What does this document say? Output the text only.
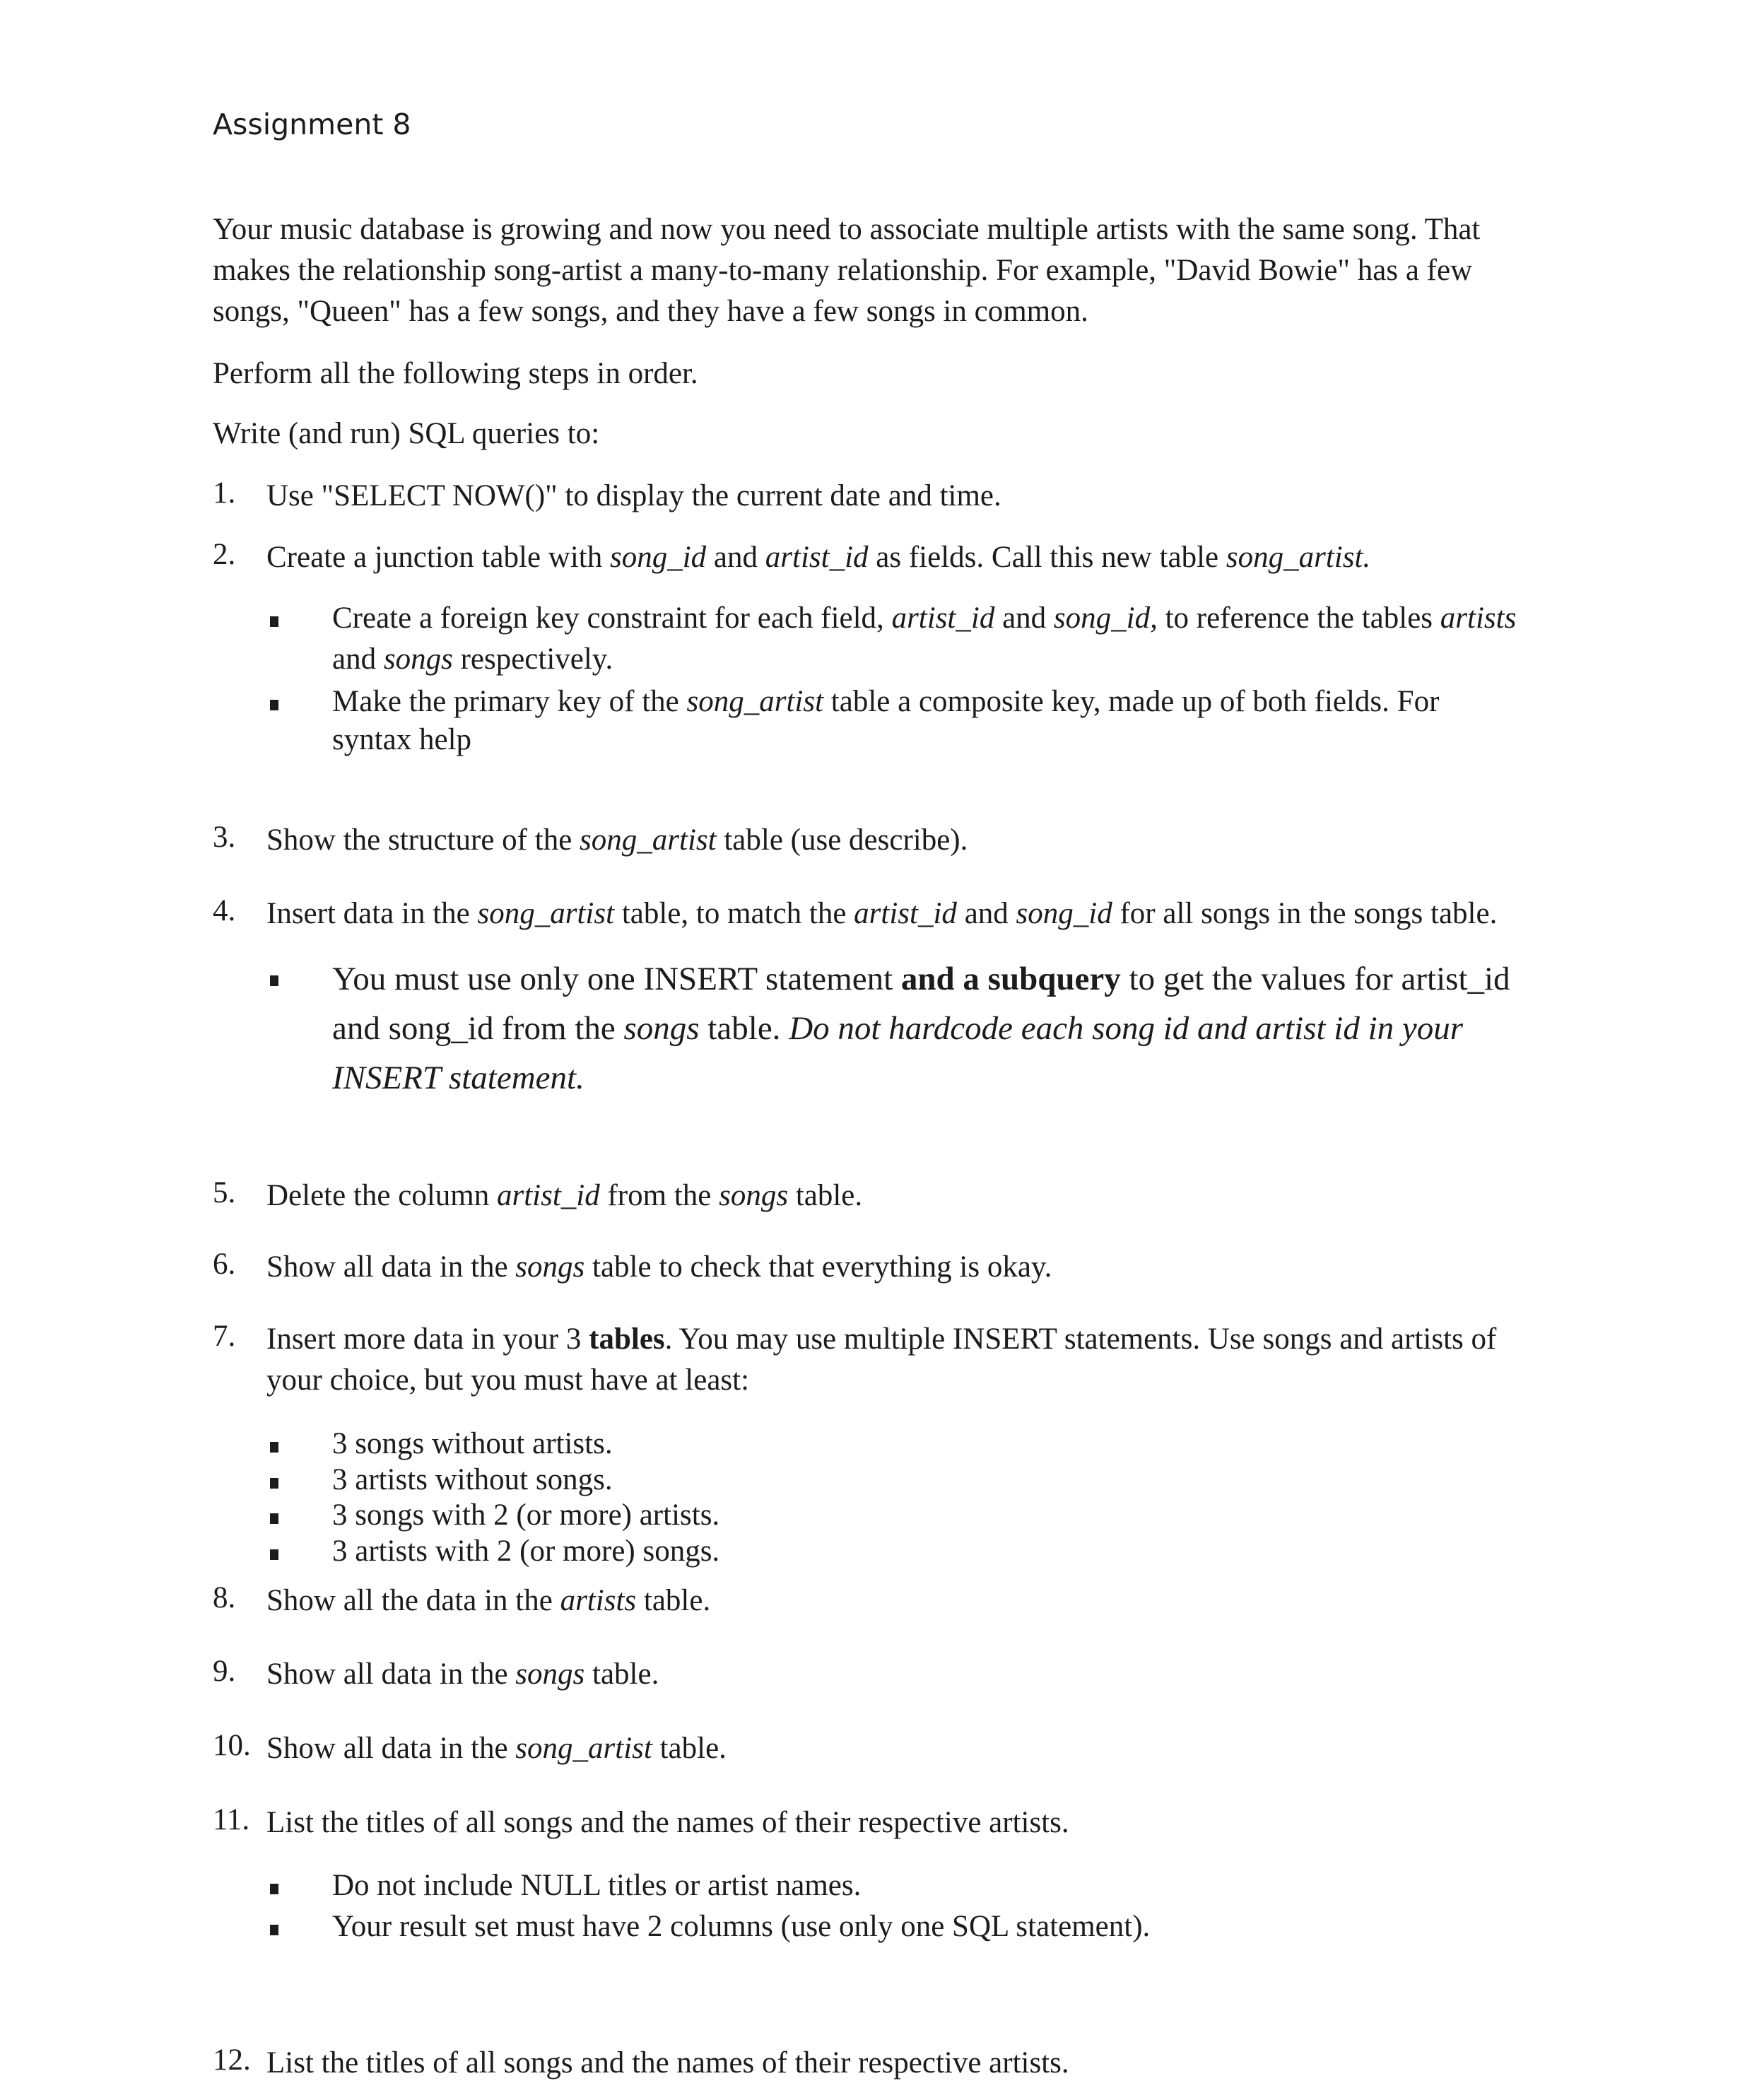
Assignment 8
Your music database is growing and now you need to associate multiple artists with the same song. That
makes the relationship song-artist a many-to-many relationship. For example, "David Bowie" has a few
songs, "Queen" has a few songs, and they have a few songs in common.
Perform all the following steps in order.
Write (and run) SQL queries to:
1. Use "SELECT NOW()" to display the current date and time.
2. Create a junction table with song_id and artist_id as fields. Call this new table song_artist.
Create a foreign key constraint for each field, artist_id and song_id, to reference the tables artists
and songs respectively.
Make the primary key of the song_artist table a composite key, made up of both fields. For
syntax help
3. Show the structure of the song_artist table (use describe).
4. Insert data in the song_artist table, to match the artist_id and song_id for all songs in the songs table.
You must use only one INSERT statement and a subquery to get the values for artist_id
and song_id from the songs table. Do not hardcode each song id and artist id in your
INSERT statement.
5. Delete the column artist_id from the songs table.
6. Show all data in the songs table to check that everything is okay.
7. Insert more data in your 3 tables. You may use multiple INSERT statements. Use songs and artists of
your choice, but you must have at least:
3 songs without artists.
3 artists without songs.
3 songs with 2 (or more) artists.
3 artists with 2 (or more) songs.
8. Show all the data in the artists table.
9. Show all data in the songs table.
10. Show all data in the song_artist table.
11. List the titles of all songs and the names of their respective artists.
Do not include NULL titles or artist names.
Your result set must have 2 columns (use only one SQL statement).
12. List the titles of all songs and the names of their respective artists.
